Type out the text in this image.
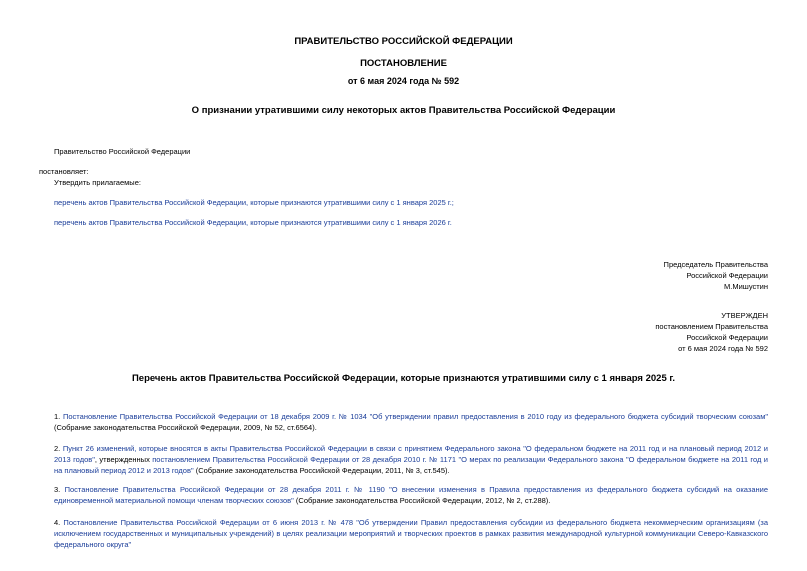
ПРАВИТЕЛЬСТВО РОССИЙСКОЙ ФЕДЕРАЦИИ
ПОСТАНОВЛЕНИЕ
от 6 мая 2024 года № 592
О признании утратившими силу некоторых актов Правительства Российской Федерации
Правительство Российской Федерации
постановляет:
Утвердить прилагаемые:
перечень актов Правительства Российской Федерации, которые признаются утратившими силу с 1 января 2025 г.;
перечень актов Правительства Российской Федерации, которые признаются утратившими силу с 1 января 2026 г.
Председатель Правительства
Российской Федерации
М.Мишустин
УТВЕРЖДЕН
постановлением Правительства
Российской Федерации
от 6 мая 2024 года № 592
Перечень актов Правительства Российской Федерации, которые признаются утратившими силу с 1 января 2025 г.
1. Постановление Правительства Российской Федерации от 18 декабря 2009 г. № 1034 "Об утверждении правил предоставления в 2010 году из федерального бюджета субсидий творческим союзам" (Собрание законодательства Российской Федерации, 2009, № 52, ст.6564).
2. Пункт 26 изменений, которые вносятся в акты Правительства Российской Федерации в связи с принятием Федерального закона "О федеральном бюджете на 2011 год и на плановый период 2012 и 2013 годов", утвержденных постановлением Правительства Российской Федерации от 28 декабря 2010 г. № 1171 "О мерах по реализации Федерального закона "О федеральном бюджете на 2011 год и на плановый период 2012 и 2013 годов" (Собрание законодательства Российской Федерации, 2011, № 3, ст.545).
3. Постановление Правительства Российской Федерации от 28 декабря 2011 г. № 1190 "О внесении изменения в Правила предоставления из федерального бюджета субсидий на оказание единовременной материальной помощи членам творческих союзов" (Собрание законодательства Российской Федерации, 2012, № 2, ст.288).
4. Постановление Правительства Российской Федерации от 6 июня 2013 г. № 478 "Об утверждении Правил предоставления субсидии из федерального бюджета некоммерческим организациям (за исключением государственных и муниципальных учреждений) в целях реализации мероприятий и творческих проектов в рамках развития международной культурной коммуникации Северо-Кавказского федерального округа"
